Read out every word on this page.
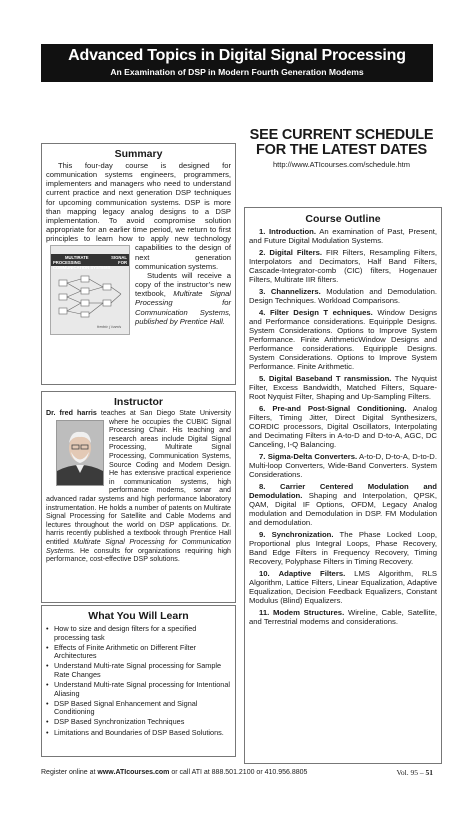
Advanced Topics in Digital Signal Processing
An Examination of DSP in Modern Fourth Generation Modems
Summary

This four-day course is designed for communication systems engineers, programmers, implementers and managers who need to understand current practice and next generation DSP techniques for upcoming communication systems. DSP is more than mapping legacy analog designs to a DSP implementation. To avoid compromise solution appropriate for an earlier time period, we return to first principles to learn how to apply new
MULTIRATE SIGNAL PROCESSING FOR COMMUNICATION SYSTEMS
fredric j harris
technology capabilities to the design of next generation communication systems.

Students will receive a copy of the instructor’s new textbook, Multirate Signal Processing for Communication Systems, published by Prentice Hall.

Instructor
Dr. fred harris teaches at San Diego State University where he occupies the CUBIC Signal
Processing Chair. His teaching and research areas include Digital Signal Processing, Multirate Signal Processing, Communication Systems, Source Coding and Modem Design. He has extensive practical experience in communication systems, high performance modems, sonar and advanced radar systems and high performance laboratory instrumentation. He holds a number of patents on Multirate Signal Processing for Satellite and Cable Modems and lectures throughout the world on DSP applications. Dr. harris recently published a textbook through Prentice Hall entitled Multirate Signal Processing for Communication Systems. He consults for organizations requiring high performance, cost-effective DSP solutions.
What You Will Learn
• How to size and design filters for a specified processing task
• Effects of Finite Arithmetic on Different Filter Architectures
• Understand Multi-rate Signal processing for Sample Rate Changes
• Understand Multi-rate Signal processing for Intentional Aliasing
• DSP Based Signal Enhancement and Signal Conditioning
• DSP Based Synchronization Techniques
• Limitations and Boundaries of DSP Based Solutions.
SEE CURRENT SCHEDULE
FOR THE LATEST DATES
http://www.ATIcourses.com/schedule.htm
Course Outline
1. Introduction. An examination of Past, Present, and Future Digital Modulation Systems.
2. Digital Filters. FIR Filters, Resampling Filters, Interpolators and Decimators, Half Band Filters, Cascade-Integrator-comb (CIC) filters, Hogenauer Filters, Multirate IIR filters.
3. Channelizers. Modulation and Demodulation. Design Techniques. Workload Comparisons.
4. Filter Design T echniques. Window Designs and Performance considerations. Equiripple Designs. System Considerations. Options to Improve System Performance. Finite ArithmeticWindow Designs and Performance considerations. Equiripple Designs. System Considerations. Options to Improve System Performance. Finite Arithmetic.
5. Digital Baseband T ransmission. The Nyquist Filter, Excess Bandwidth, Matched Filters, Square-Root Nyquist Filter, Shaping and Up-Sampling Filters.
6. Pre-and Post-Signal Conditioning. Analog Filters, Timing Jitter, Direct Digital Synthesizers, CORDIC processors, Digital Oscillators, Interpolating and Decimating Filters in A-to-D and D-to-A, AGC, DC Canceling, I-Q Balancing.
7. Sigma-Delta Converters. A-to-D, D-to-A, D-to-D. Multi-loop Converters, Wide-Band Converters. System Considerations.
8. Carrier Centered Modulation and Demodulation. Shaping and Interpolation, QPSK, QAM, Digital IF Options, OFDM, Legacy Analog modulation and Demodulation in DSP. FM Modulation and demodulation.
9. Synchronization. The Phase Locked Loop, Proportional plus Integral Loops, Phase Recovery, Band Edge Filters in Frequency Recovery, Timing Recovery, Polyphase Filters in Timing Recovery.
10. Adaptive Filters. LMS Algorithm, RLS Algorithm, Lattice Filters, Linear Equalization, Adaptive Equalization, Decision Feedback Equalizers, Constant Modulus (Blind) Equalizers.
11. Modem Structures. Wireline, Cable, Satellite, and Terrestrial modems and considerations.
Register online at www.ATIcourses.com or call ATI at 888.501.2100 or 410.956.8805	Vol. 95 – 51
